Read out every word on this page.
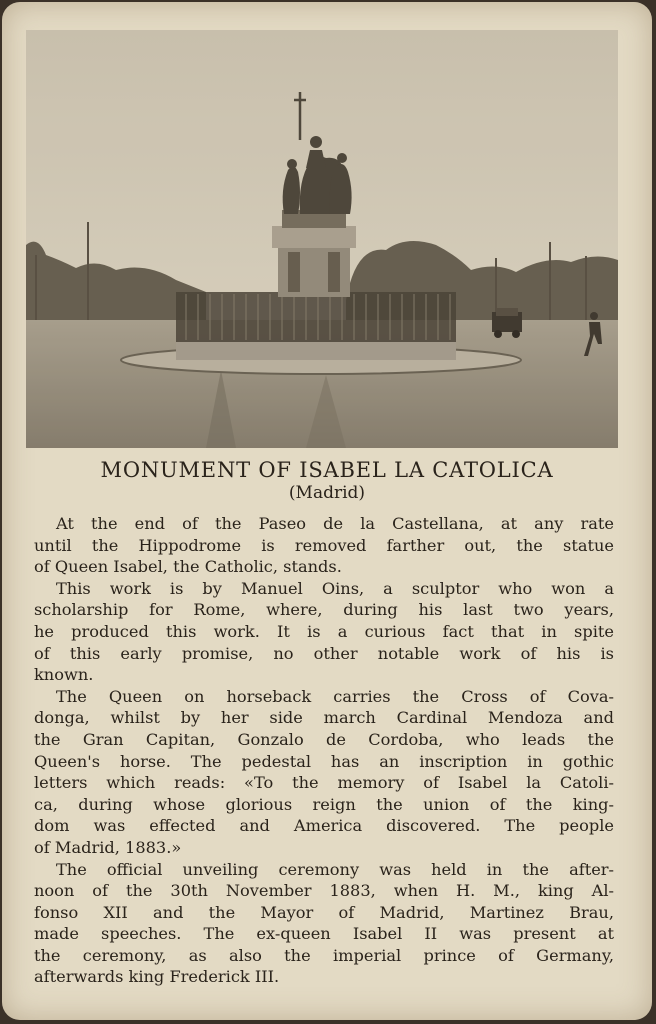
MONUMENT OF ISABEL LA CATOLICA
(Madrid)
At the end of the Paseo de la Castellana, at any rate
until the Hippodrome is removed farther out, the statue
of Queen Isabel, the Catholic, stands.
This work is by Manuel Oins, a sculptor who won a
scholarship for Rome, where, during his last two years,
he produced this work. It is a curious fact that in spite
of this early promise, no other notable work of his is
known.
The Queen on horseback carries the Cross of Cova-
donga, whilst by her side march Cardinal Mendoza and
the Gran Capitan, Gonzalo de Cordoba, who leads the
Queen's horse. The pedestal has an inscription in gothic
letters which reads: «To the memory of Isabel la Catoli-
ca, during whose glorious reign the union of the king-
dom was effected and America discovered. The people
of Madrid, 1883.»
The official unveiling ceremony was held in the after-
noon of the 30th November 1883, when H. M., king Al-
fonso XII and the Mayor of Madrid, Martinez Brau,
made speeches. The ex-queen Isabel II was present at
the ceremony, as also the imperial prince of Germany,
afterwards king Frederick III.
